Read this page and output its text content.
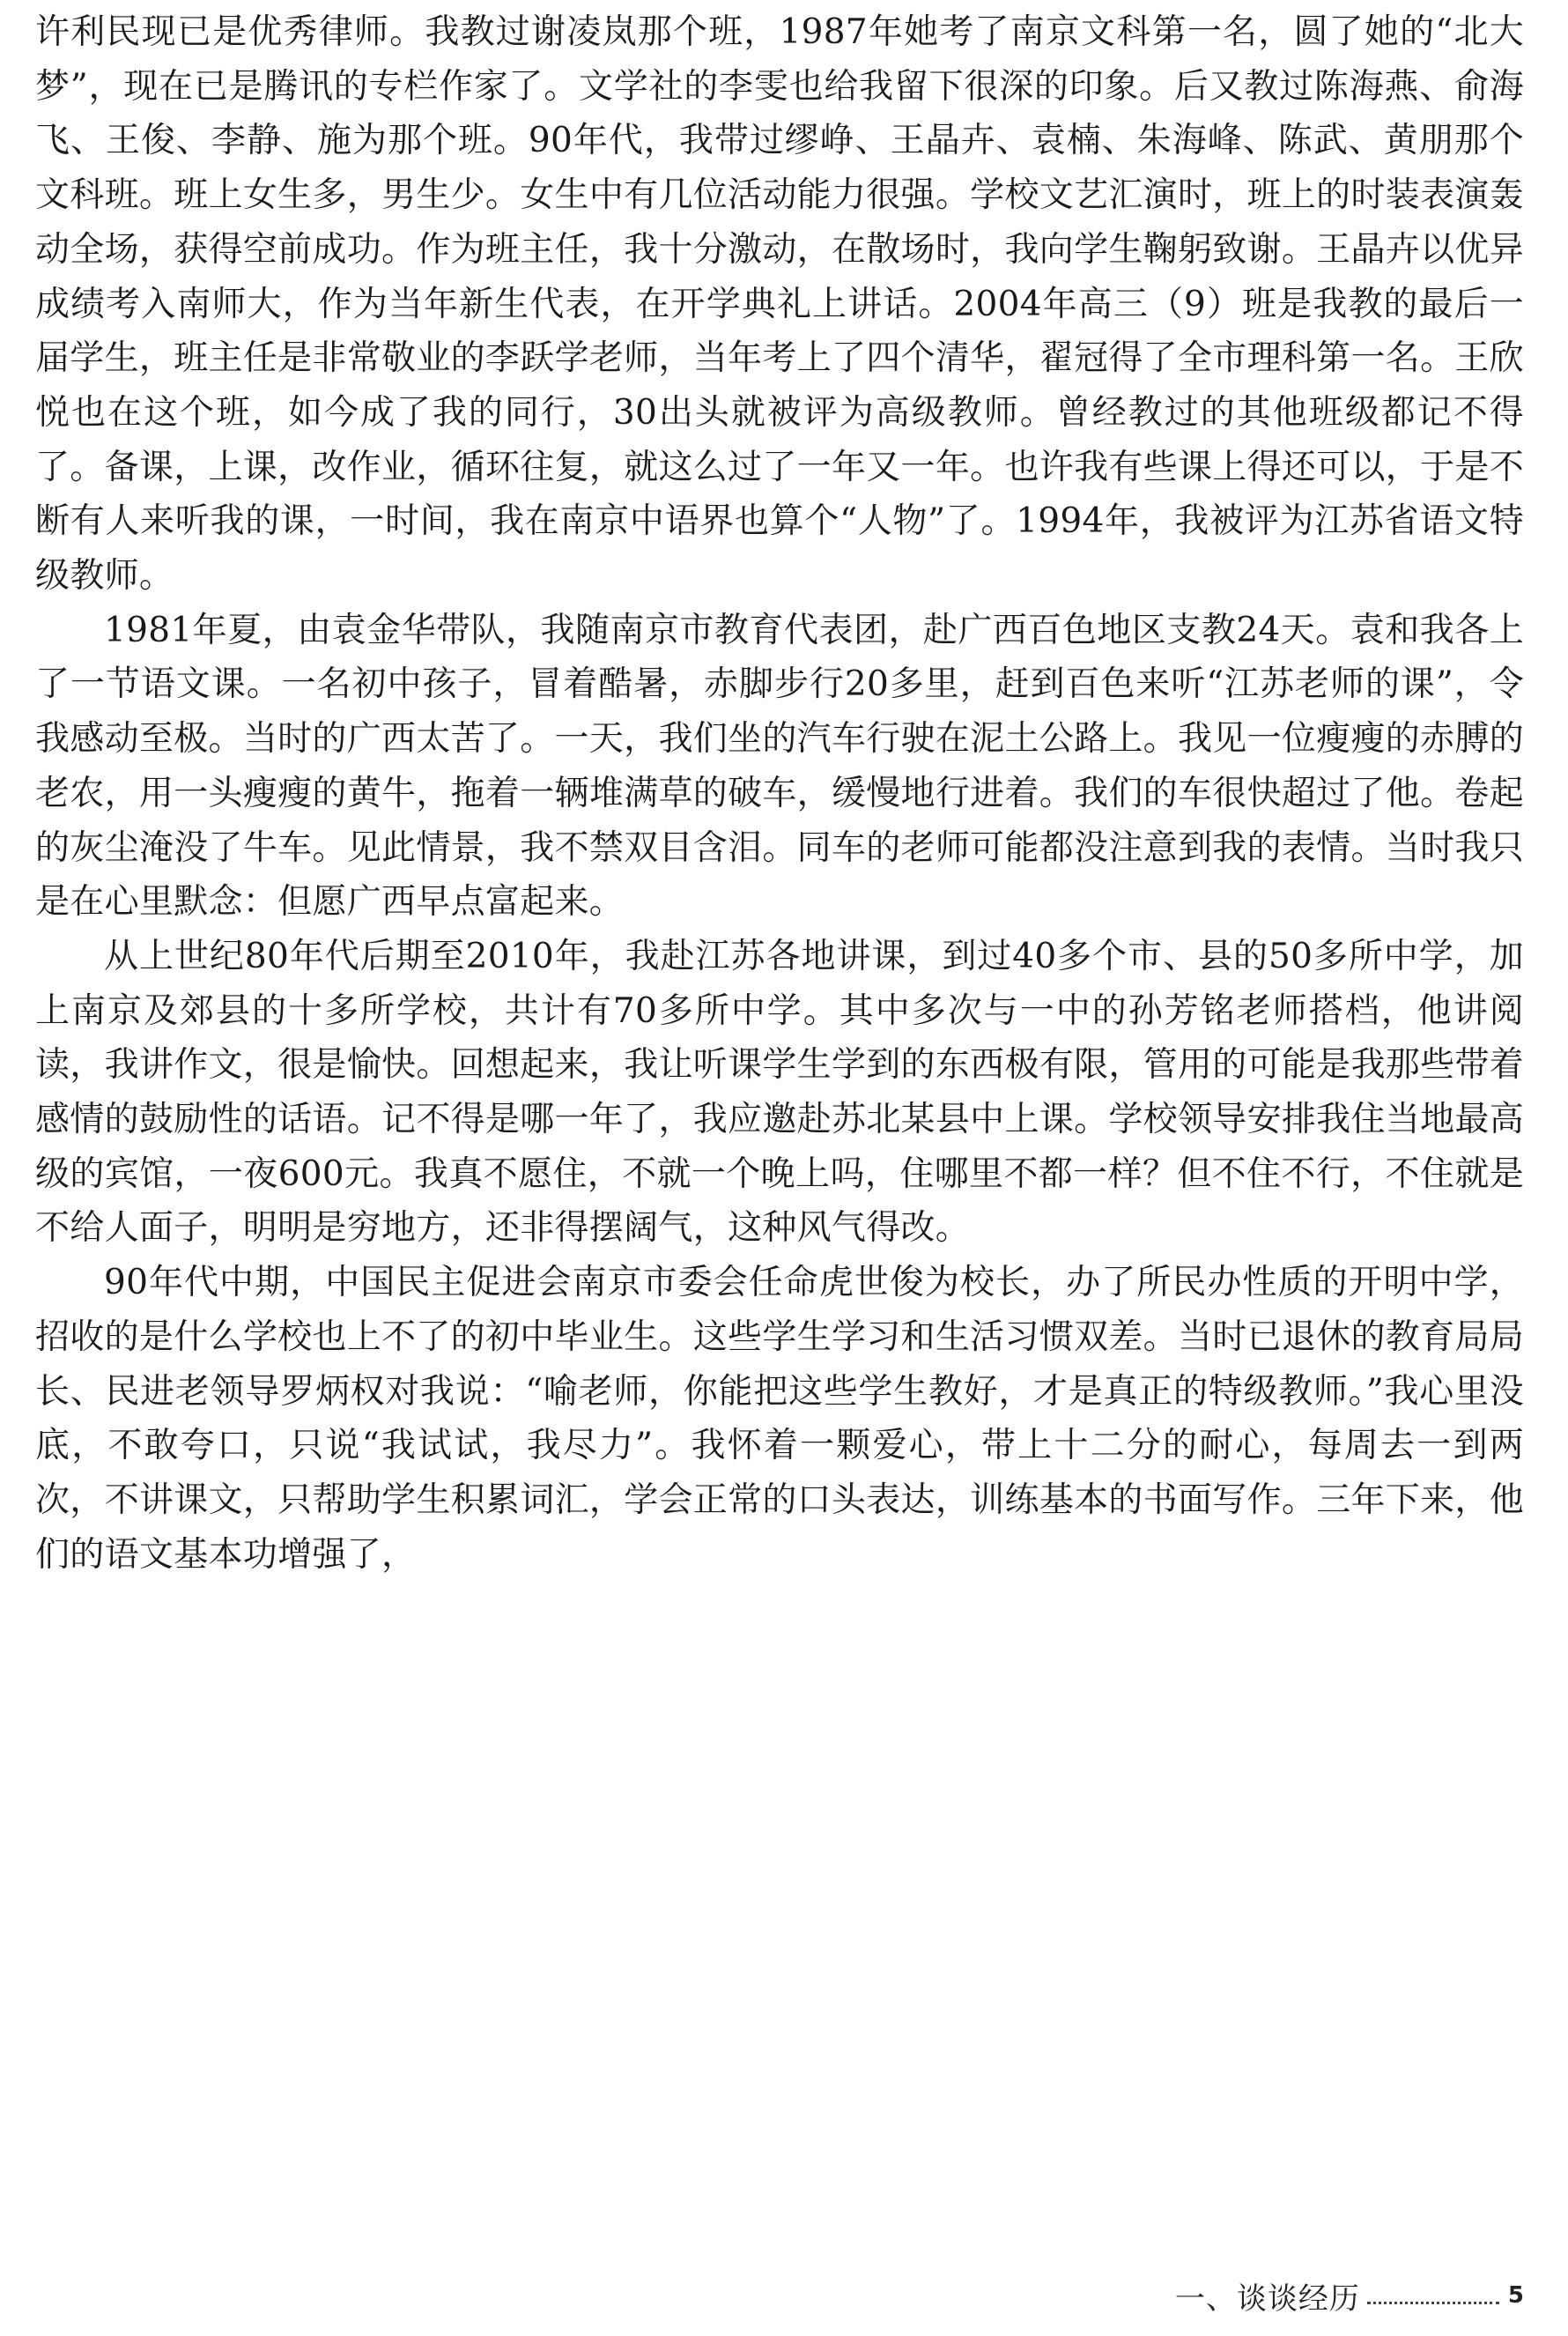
许利民现已是优秀律师。我教过谢凌岚那个班，1987年她考了南京文科第一名，圆了她的“北大梦”，现在已是腾讯的专栏作家了。文学社的李雯也给我留下很深的印象。后又教过陈海燕、俞海飞、王俊、李静、施为那个班。90年代，我带过缪峥、王晶卉、袁楠、朱海峰、陈武、黄朋那个文科班。班上女生多，男生少。女生中有几位活动能力很强。学校文艺汇演时，班上的时装表演轰动全场，获得空前成功。作为班主任，我十分激动，在散场时，我向学生鞠躬致谢。王晶卉以优异成绩考入南师大，作为当年新生代表，在开学典礼上讲话。2004年高三（9）班是我教的最后一届学生，班主任是非常敬业的李跃学老师，当年考上了四个清华，翟冠得了全市理科第一名。王欣悦也在这个班，如今成了我的同行，30出头就被评为高级教师。曾经教过的其他班级都记不得了。备课，上课，改作业，循环往复，就这么过了一年又一年。也许我有些课上得还可以，于是不断有人来听我的课，一时间，我在南京中语界也算个“人物”了。1994年，我被评为江苏省语文特级教师。

1981年夏，由袁金华带队，我随南京市教育代表团，赴广西百色地区支教24天。袁和我各上了一节语文课。一名初中孩子，冒着酷暑，赤脚步行20多里，赶到百色来听“江苏老师的课”，令我感动至极。当时的广西太苦了。一天，我们坐的汽车行驶在泥土公路上。我见一位瘦瘦的赤膊的老农，用一头瘦瘦的黄牛，拖着一辆堆满草的破车，缓慢地行进着。我们的车很快超过了他。卷起的灰尘淹没了牛车。见此情景，我不禁双目含泪。同车的老师可能都没注意到我的表情。当时我只是在心里默念：但愿广西早点富起来。

从上世纪80年代后期至2010年，我赴江苏各地讲课，到过40多个市、县的50多所中学，加上南京及郊县的十多所学校，共计有70多所中学。其中多次与一中的孙芳铭老师搭档，他讲阅读，我讲作文，很是愉快。回想起来，我让听课学生学到的东西极有限，管用的可能是我那些带着感情的鼓励性的话语。记不得是哪一年了，我应邀赴苏北某县中上课。学校领导安排我住当地最高级的宾馆，一夜600元。我真不愿住，不就一个晚上吗，住哪里不都一样？但不住不行，不住就是不给人面子，明明是穷地方，还非得摆阔气，这种风气得改。

90年代中期，中国民主促进会南京市委会任命虎世俊为校长，办了所民办性质的开明中学，招收的是什么学校也上不了的初中毕业生。这些学生学习和生活习惯双差。当时已退休的教育局局长、民进老领导罗炳权对我说：“喻老师，你能把这些学生教好，才是真正的特级教师。”我心里没底，不敢夸口，只说“我试试，我尽力”。我怀着一颗爱心，带上十二分的耐心，每周去一到两次，不讲课文，只帮助学生积累词汇，学会正常的口头表达，训练基本的书面写作。三年下来，他们的语文基本功增强了，

一、谈谈经历	5
